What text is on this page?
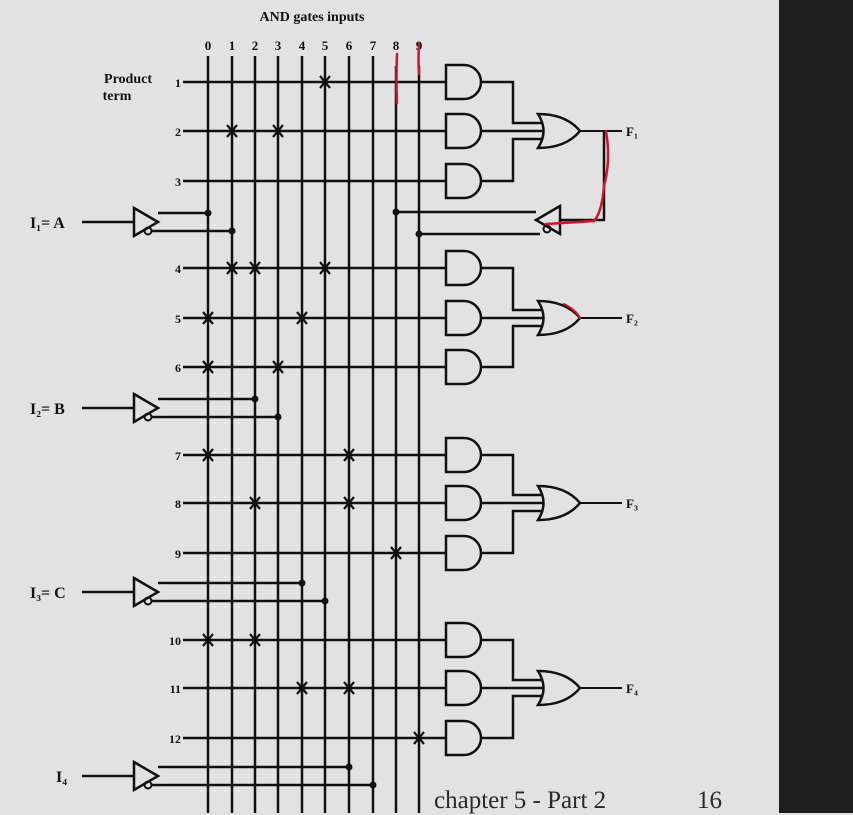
AND gates inputs
Product
term
0 1 2 3 4 5 6 7 8 9
1
2
3
4
5
6
7
8
9
10
11
12
F₁
F₂
F₃
F₄
I₁= A
I₂= B
I₃= C
I₄
chapter 5 - Part 2	16
